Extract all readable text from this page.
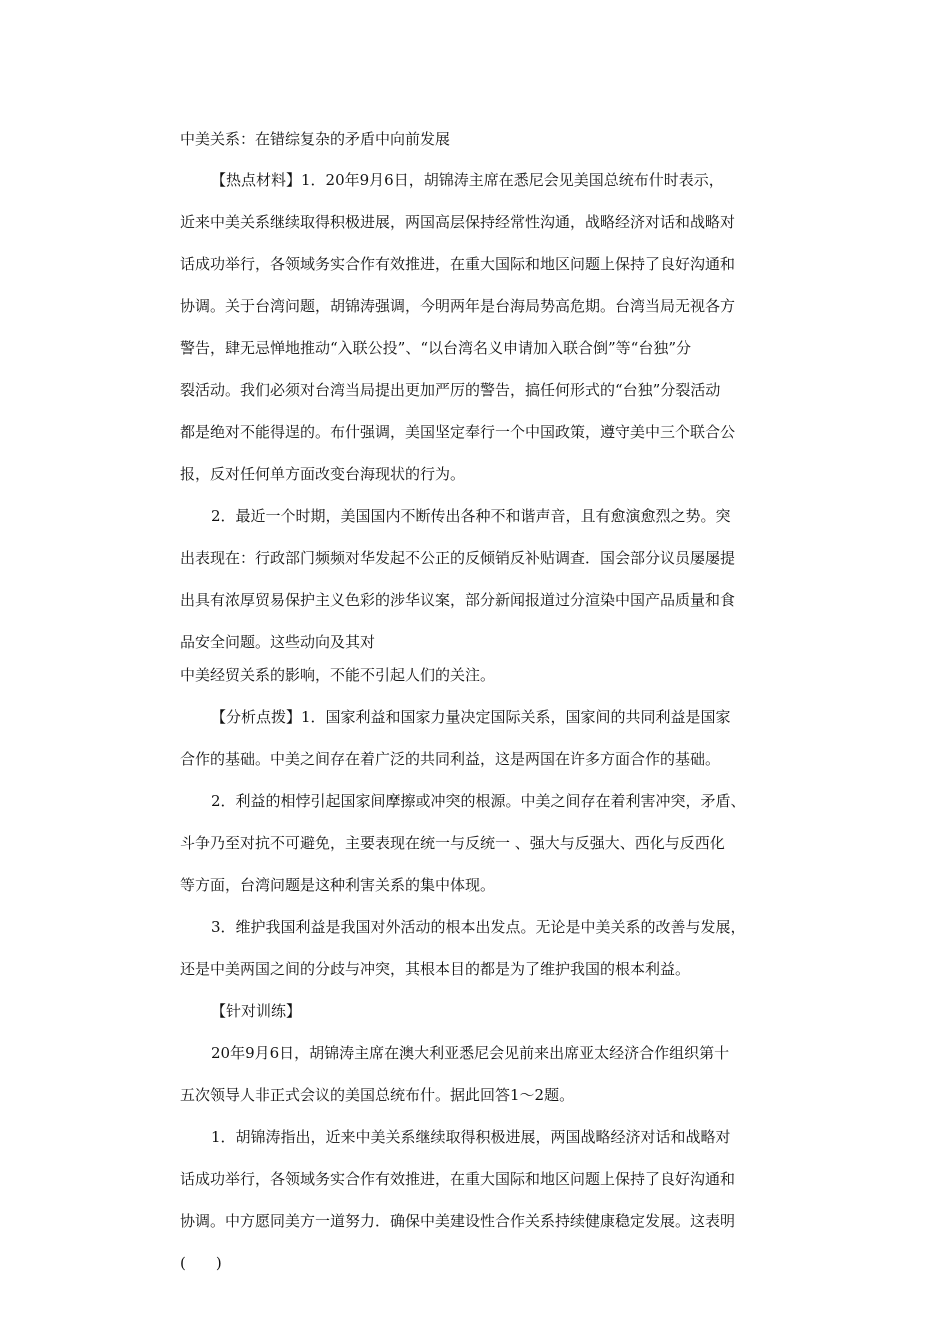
中美关系：在错综复杂的矛盾中向前发展
【热点材料】1．20年9月6日，胡锦涛主席在悉尼会见美国总统布什时表示，
近来中美关系继续取得积极进展，两国高层保持经常性沟通，战略经济对话和战略对
话成功举行，各领域务实合作有效推进，在重大国际和地区问题上保持了良好沟通和
协调。关于台湾问题，胡锦涛强调，今明两年是台海局势高危期。台湾当局无视各方
警告，肆无忌惮地推动“入联公投”、“以台湾名义申请加入联合倒”等“台独”分
裂活动。我们必须对台湾当局提出更加严厉的警告，搞任何形式的“台独”分裂活动
都是绝对不能得逞的。布什强调，美国坚定奉行一个中国政策，遵守美中三个联合公
报，反对任何单方面改变台海现状的行为。
2．最近一个时期，美国国内不断传出各种不和谐声音，且有愈演愈烈之势。突
出表现在：行政部门频频对华发起不公正的反倾销反补贴调查．国会部分议员屡屡提
出具有浓厚贸易保护主义色彩的涉华议案，部分新闻报道过分渲染中国产品质量和食
品安全问题。这些动向及其对
中美经贸关系的影响，不能不引起人们的关注。
【分析点拨】1．国家利益和国家力量决定国际关系，国家间的共同利益是国家
合作的基础。中美之间存在着广泛的共同利益，这是两国在许多方面合作的基础。
2．利益的相悖引起国家间摩擦或冲突的根源。中美之间存在着利害冲突，矛盾、
斗争乃至对抗不可避免，主要表现在统一与反统一 、强大与反强大、西化与反西化
等方面，台湾问题是这种利害关系的集中体现。
3．维护我国利益是我国对外活动的根本出发点。无论是中美关系的改善与发展，
还是中美两国之间的分歧与冲突，其根本目的都是为了维护我国的根本利益。
【针对训练】
20年9月6日，胡锦涛主席在澳大利亚悉尼会见前来出席亚太经济合作组织第十
五次领导人非正式会议的美国总统布什。据此回答1～2题。
1．胡锦涛指出，近来中美关系继续取得积极进展，两国战略经济对话和战略对
话成功举行，各领域务实合作有效推进，在重大国际和地区问题上保持了良好沟通和
协调。中方愿同美方一道努力．确保中美建设性合作关系持续健康稳定发展。这表明
(　　)
